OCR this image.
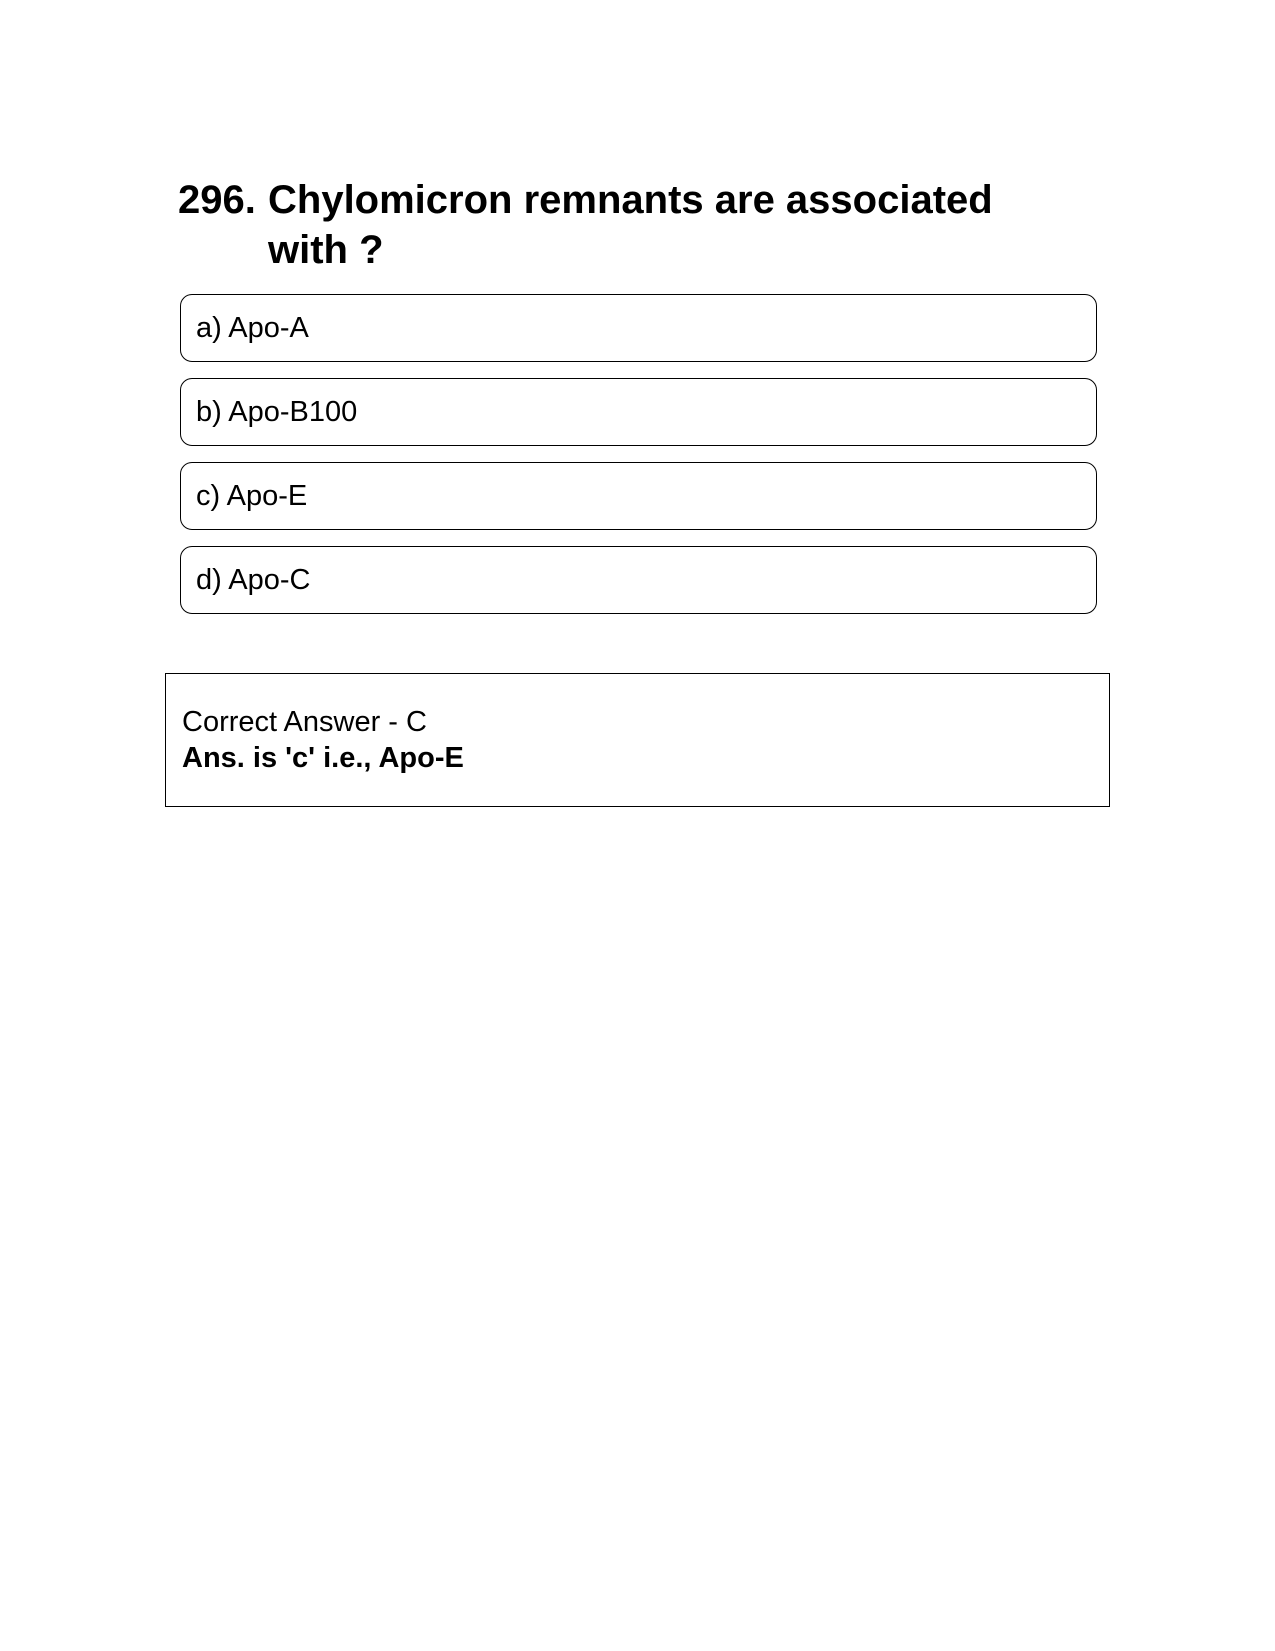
296. Chylomicron remnants are associated with ?
a) Apo-A
b) Apo-B100
c) Apo-E
d) Apo-C
Correct Answer - C
Ans. is 'c' i.e., Apo-E
